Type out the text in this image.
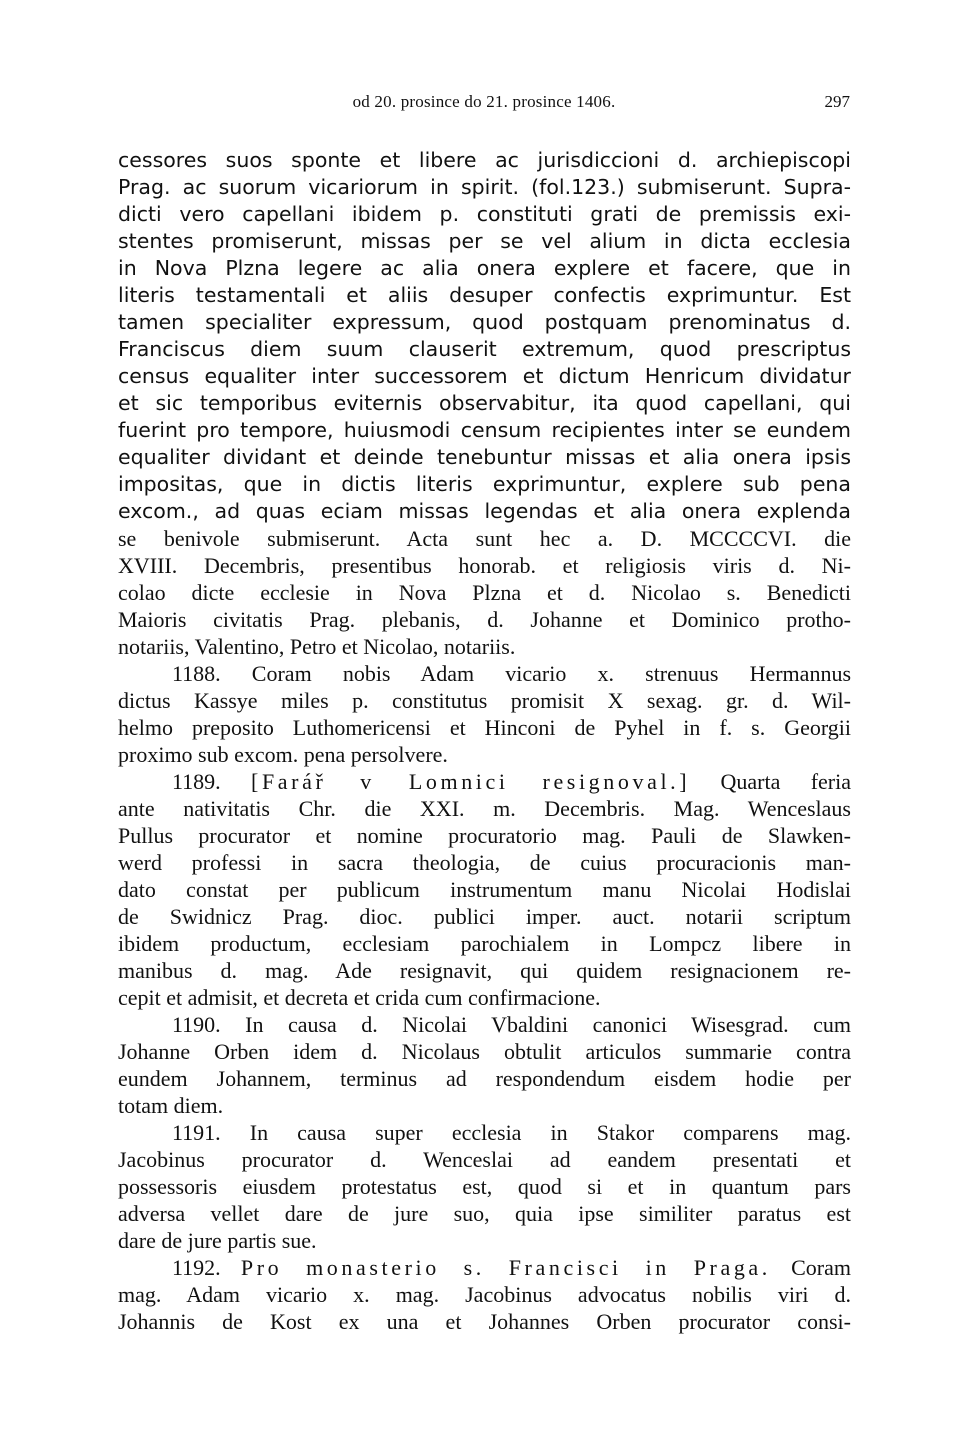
od 20. prosince do 21. prosince 1406.	297
cessores suos sponte et libere ac jurisdiccioni d. archiepiscopi
Prag. ac suorum vicariorum in spirit. (fol.123.) submiserunt. Supra-
dicti vero capellani ibidem p. constituti grati de premissis exi-
stentes promiserunt, missas per se vel alium in dicta ecclesia
in Nova Plzna legere ac alia onera explere et facere, que in
literis testamentali et aliis desuper confectis exprimuntur. Est
tamen specialiter expressum, quod postquam prenominatus d.
Franciscus diem suum clauserit extremum, quod prescriptus
census equaliter inter successorem et dictum Henricum dividatur
et sic temporibus eviternis observabitur, ita quod capellani, qui
fuerint pro tempore, huiusmodi censum recipientes inter se eundem
equaliter dividant et deinde tenebuntur missas et alia onera ipsis
impositas, que in dictis literis exprimuntur, explere sub pena
excom., ad quas eciam missas legendas et alia onera explenda
se benivole submiserunt. Acta sunt hec a. D. MCCCCVI. die
XVIII. Decembris, presentibus honorab. et religiosis viris d. Ni-
colao dicte ecclesie in Nova Plzna et d. Nicolao s. Benedicti
Maioris civitatis Prag. plebanis, d. Johanne et Dominico protho-
notariis, Valentino, Petro et Nicolao, notariis.
1188. Coram nobis Adam vicario x. strenuus Hermannus
dictus Kassye miles p. constitutus promisit X sexag. gr. d. Wil-
helmo preposito Luthomericensi et Hinconi de Pyhel in f. s. Georgii
proximo sub excom. pena persolvere.
1189. [Farář v Lomnici resignoval.] Quarta feria
ante nativitatis Chr. die XXI. m. Decembris. Mag. Wenceslaus
Pullus procurator et nomine procuratorio mag. Pauli de Slawken-
werd professi in sacra theologia, de cuius procuracionis man-
dato constat per publicum instrumentum manu Nicolai Hodislai
de Swidnicz Prag. dioc. publici imper. auct. notarii scriptum
ibidem productum, ecclesiam parochialem in Lompcz libere in
manibus d. mag. Ade resignavit, qui quidem resignacionem re-
cepit et admisit, et decreta et crida cum confirmacione.
1190. In causa d. Nicolai Vbaldini canonici Wisesgrad. cum
Johanne Orben idem d. Nicolaus obtulit articulos summarie contra
eundem Johannem, terminus ad respondendum eisdem hodie per
totam diem.
1191. In causa super ecclesia in Stakor comparens mag.
Jacobinus procurator d. Wenceslai ad eandem presentati et
possessoris eiusdem protestatus est, quod si et in quantum pars
adversa vellet dare de jure suo, quia ipse similiter paratus est
dare de jure partis sue.
1192. Pro monasterio s. Francisci in Praga. Coram
mag. Adam vicario x. mag. Jacobinus advocatus nobilis viri d.
Johannis de Kost ex una et Johannes Orben procurator consi-
